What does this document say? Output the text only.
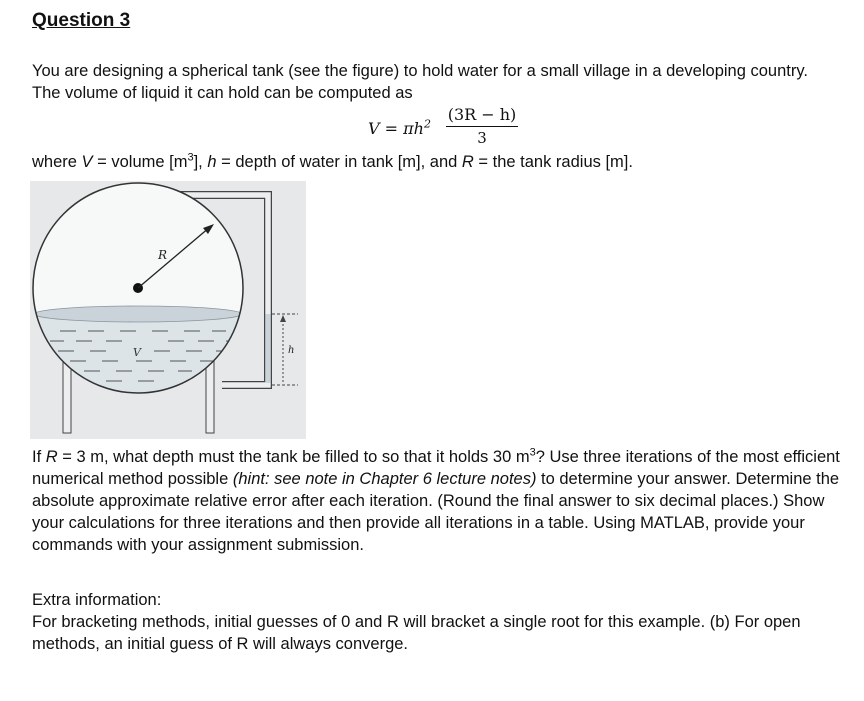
Question 3

You are designing a spherical tank (see the figure) to hold water for a small village in a developing country. The volume of liquid it can hold can be computed as

$V = \pi h^2$
(3R − h)
3

where V = volume $[m^3]$, h = depth of water in tank [m], and R = the tank radius [m].

R
V	h

If R = 3 m, what depth must the tank be filled to so that it holds 30 $m^3$? Use three iterations of the most efficient numerical method possible (hint: see note in Chapter 6 lecture notes) to determine your answer. Determine the absolute approximate relative error after each iteration. (Round the final answer to six decimal places.) Show your calculations for three iterations and then provide all iterations in a table. Using MATLAB, provide your commands with your assignment submission.

Extra information:
For bracketing methods, initial guesses of 0 and R will bracket a single root for this example. (b) For open methods, an initial guess of R will always converge.
